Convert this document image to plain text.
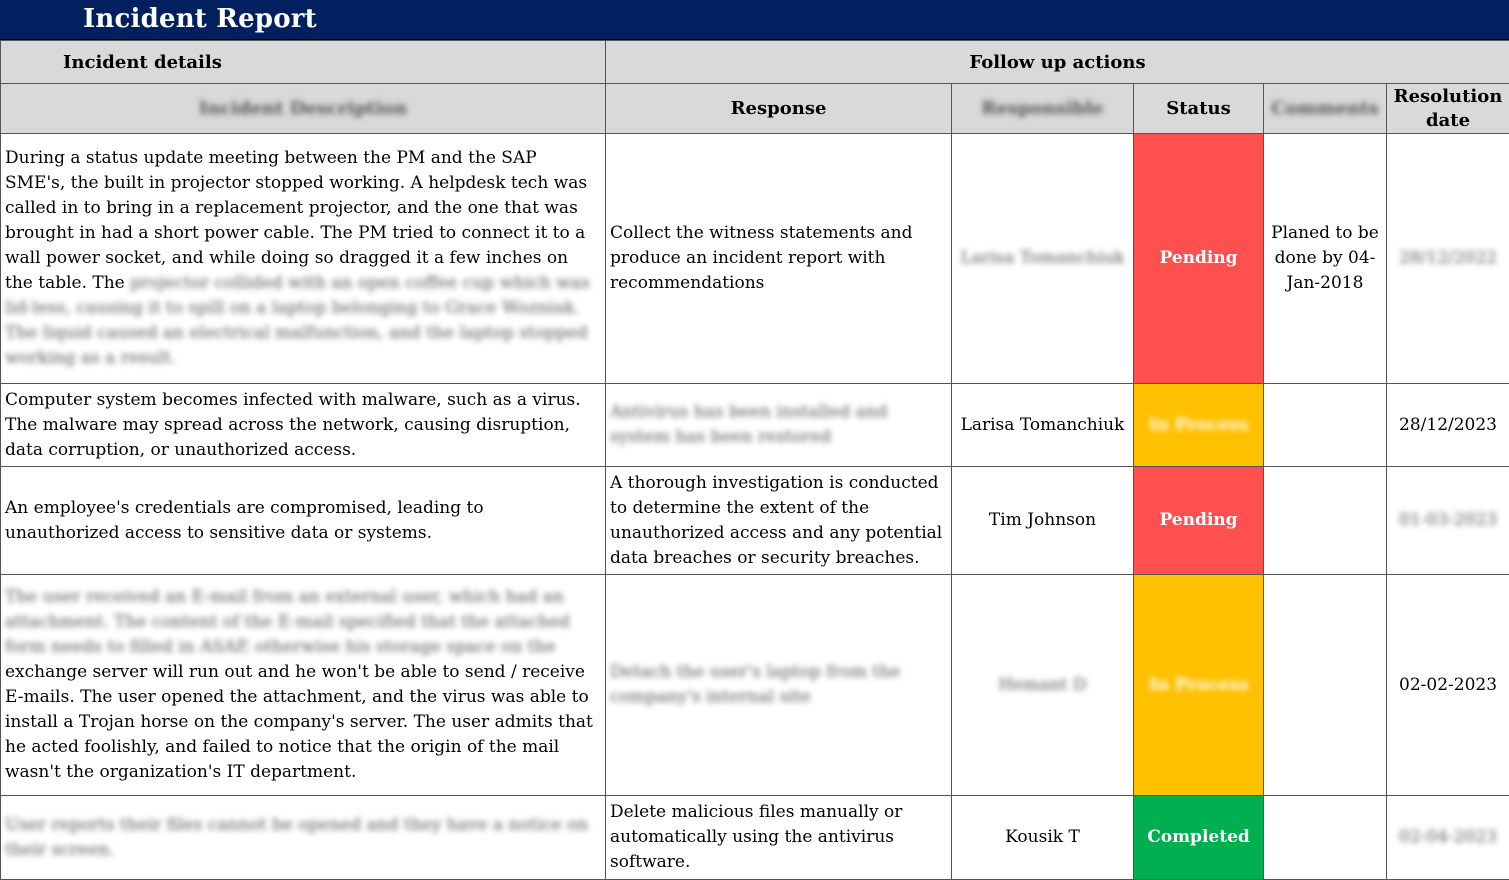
Incident Report
Incident details	Follow up actions				
Incident Description	Response	Responsible	Status	Comments	Resolution date
During a status update meeting between the PM and the SAP SME's, the built in projector stopped working. A helpdesk tech was called in to bring in a replacement projector, and the one that was brought in had a short power cable. The PM tried to connect it to a wall power socket, and while doing so dragged it a few inches on the table. The projector collided with an open coffee cup which was lid-less, causing it to spill on a laptop belonging to Grace Wozniak. The liquid caused an electrical malfunction, and the laptop stopped working as a result.	Collect the witness statements and produce an incident report with recommendations	Larisa Tomanchiuk	Pending	Planed to be done by 04-Jan-2018	28/12/2022
Computer system becomes infected with malware, such as a virus. The malware may spread across the network, causing disruption, data corruption, or unauthorized access.	Antivirus has been installed and system has been restored	Larisa Tomanchiuk	In Process		28/12/2023
An employee's credentials are compromised, leading to unauthorized access to sensitive data or systems.	A thorough investigation is conducted to determine the extent of the unauthorized access and any potential data breaches or security breaches.	Tim Johnson	Pending		01-03-2023
The user received an E-mail from an external user, which had an attachment. The content of the E-mail specified that the attached form needs to filled in ASAP, otherwise his storage space on the exchange server will run out and he won't be able to send / receive E-mails. The user opened the attachment, and the virus was able to install a Trojan horse on the company's server. The user admits that he acted foolishly, and failed to notice that the origin of the mail wasn't the organization's IT department.	Detach the user's laptop from the company's internal site	Hemant D	In Process		02-02-2023
User reports their files cannot be opened and they have a notice on their screen.	Delete malicious files manually or automatically using the antivirus software.	Kousik T	Completed		02-04-2023
